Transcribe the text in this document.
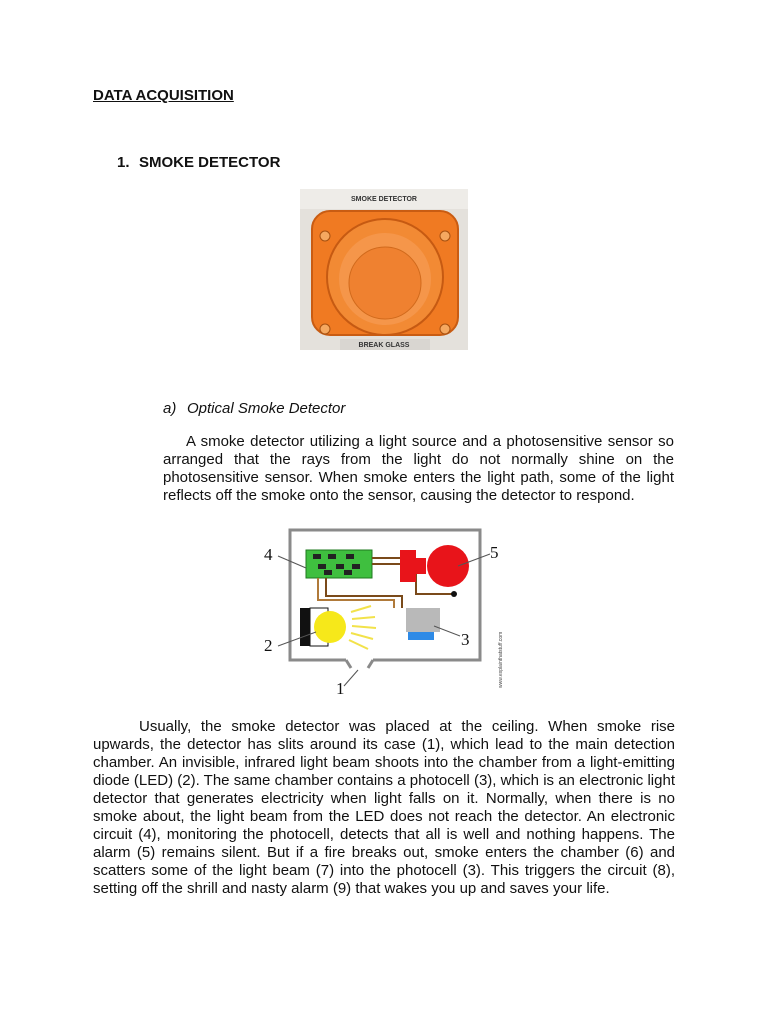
DATA ACQUISITION
1. SMOKE DETECTOR
SMOKE DETECTOR
BREAK GLASS
a) Optical Smoke Detector
A smoke detector utilizing a light source and a photosensitive sensor so arranged that the rays from the light do not normally shine on the photosensitive sensor. When smoke enters the light path, some of the light reflects off the smoke onto the sensor, causing the detector to respond.
4	5
2	3
1
www.explainthatstuff.com
Usually, the smoke detector was placed at the ceiling. When smoke rise upwards, the detector has slits around its case (1), which lead to the main detection chamber. An invisible, infrared light beam shoots into the chamber from a light-emitting diode (LED) (2). The same chamber contains a photocell (3), which is an electronic light detector that generates electricity when light falls on it. Normally, when there is no smoke about, the light beam from the LED does not reach the detector. An electronic circuit (4), monitoring the photocell, detects that all is well and nothing happens. The alarm (5) remains silent. But if a fire breaks out, smoke enters the chamber (6) and scatters some of the light beam (7) into the photocell (3). This triggers the circuit (8), setting off the shrill and nasty alarm (9) that wakes you up and saves your life.
